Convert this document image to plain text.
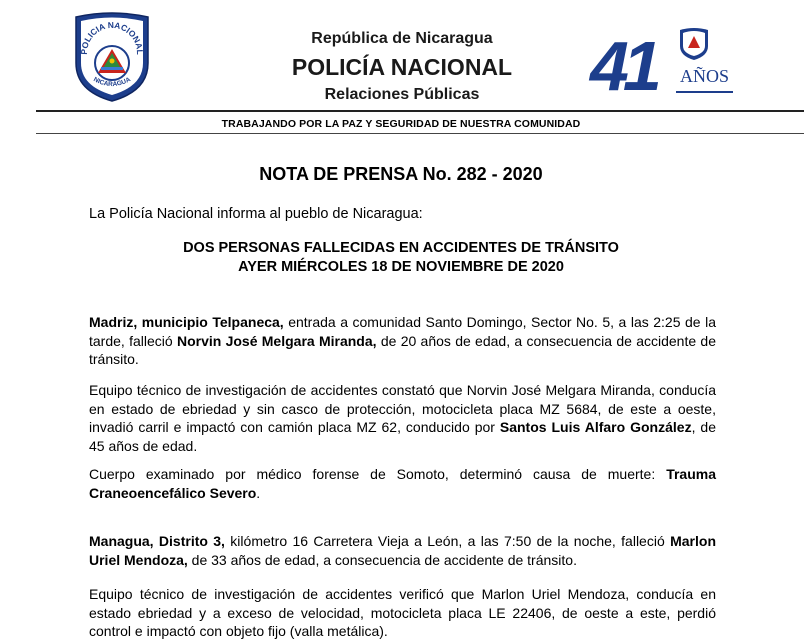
POLICIA NACIONAL
NICARAGUA
República de Nicaragua
POLICÍA NACIONAL
Relaciones Públicas	41 AÑOS
TRABAJANDO POR LA PAZ Y SEGURIDAD DE NUESTRA COMUNIDAD
NOTA DE PRENSA No. 282 - 2020
La Policía Nacional informa al pueblo de Nicaragua:
DOS PERSONAS FALLECIDAS EN ACCIDENTES DE TRÁNSITO
AYER MIÉRCOLES 18 DE NOVIEMBRE DE 2020
Madriz, municipio Telpaneca, entrada a comunidad Santo Domingo, Sector No. 5, a las 2:25 de la tarde, falleció Norvin José Melgara Miranda, de 20 años de edad, a consecuencia de accidente de tránsito.
Equipo técnico de investigación de accidentes constató que Norvin José Melgara Miranda, conducía en estado de ebriedad y sin casco de protección, motocicleta placa MZ 5684, de este a oeste, invadió carril e impactó con camión placa MZ 62, conducido por Santos Luis Alfaro González, de 45 años de edad.
Cuerpo examinado por médico forense de Somoto, determinó causa de muerte: Trauma Craneoencefálico Severo.
Managua, Distrito 3, kilómetro 16 Carretera Vieja a León, a las 7:50 de la noche, falleció Marlon Uriel Mendoza, de 33 años de edad, a consecuencia de accidente de tránsito.
Equipo técnico de investigación de accidentes verificó que Marlon Uriel Mendoza, conducía en estado ebriedad y a exceso de velocidad, motocicleta placa LE 22406, de oeste a este, perdió control e impactó con objeto fijo (valla metálica).
